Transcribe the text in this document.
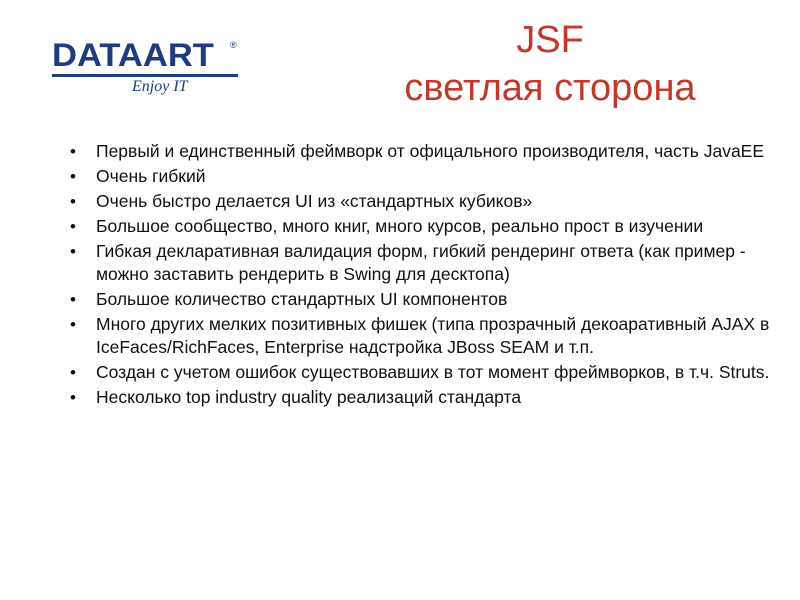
DATAART ®
Enjoy IT
JSF
светлая сторона
• Первый и единственный феймворк от офицального производителя, часть JavaEE
• Очень гибкий
• Очень быстро делается UI из «стандартных кубиков»
• Большое сообщество, много книг, много курсов, реально прост в изучении
• Гибкая декларативная валидация форм, гибкий рендеринг ответа (как пример - можно заставить рендерить в Swing для десктопа)
• Большое количество стандартных UI компонентов
• Много других мелких позитивных фишек (типа прозрачный декоаративный AJAX в IceFaces/RichFaces, Enterprise надстройка JBoss SEAM и т.п.
• Создан с учетом ошибок существовавших в тот момент фреймворков, в т.ч. Struts.
• Несколько top industry quality реализаций стандарта
